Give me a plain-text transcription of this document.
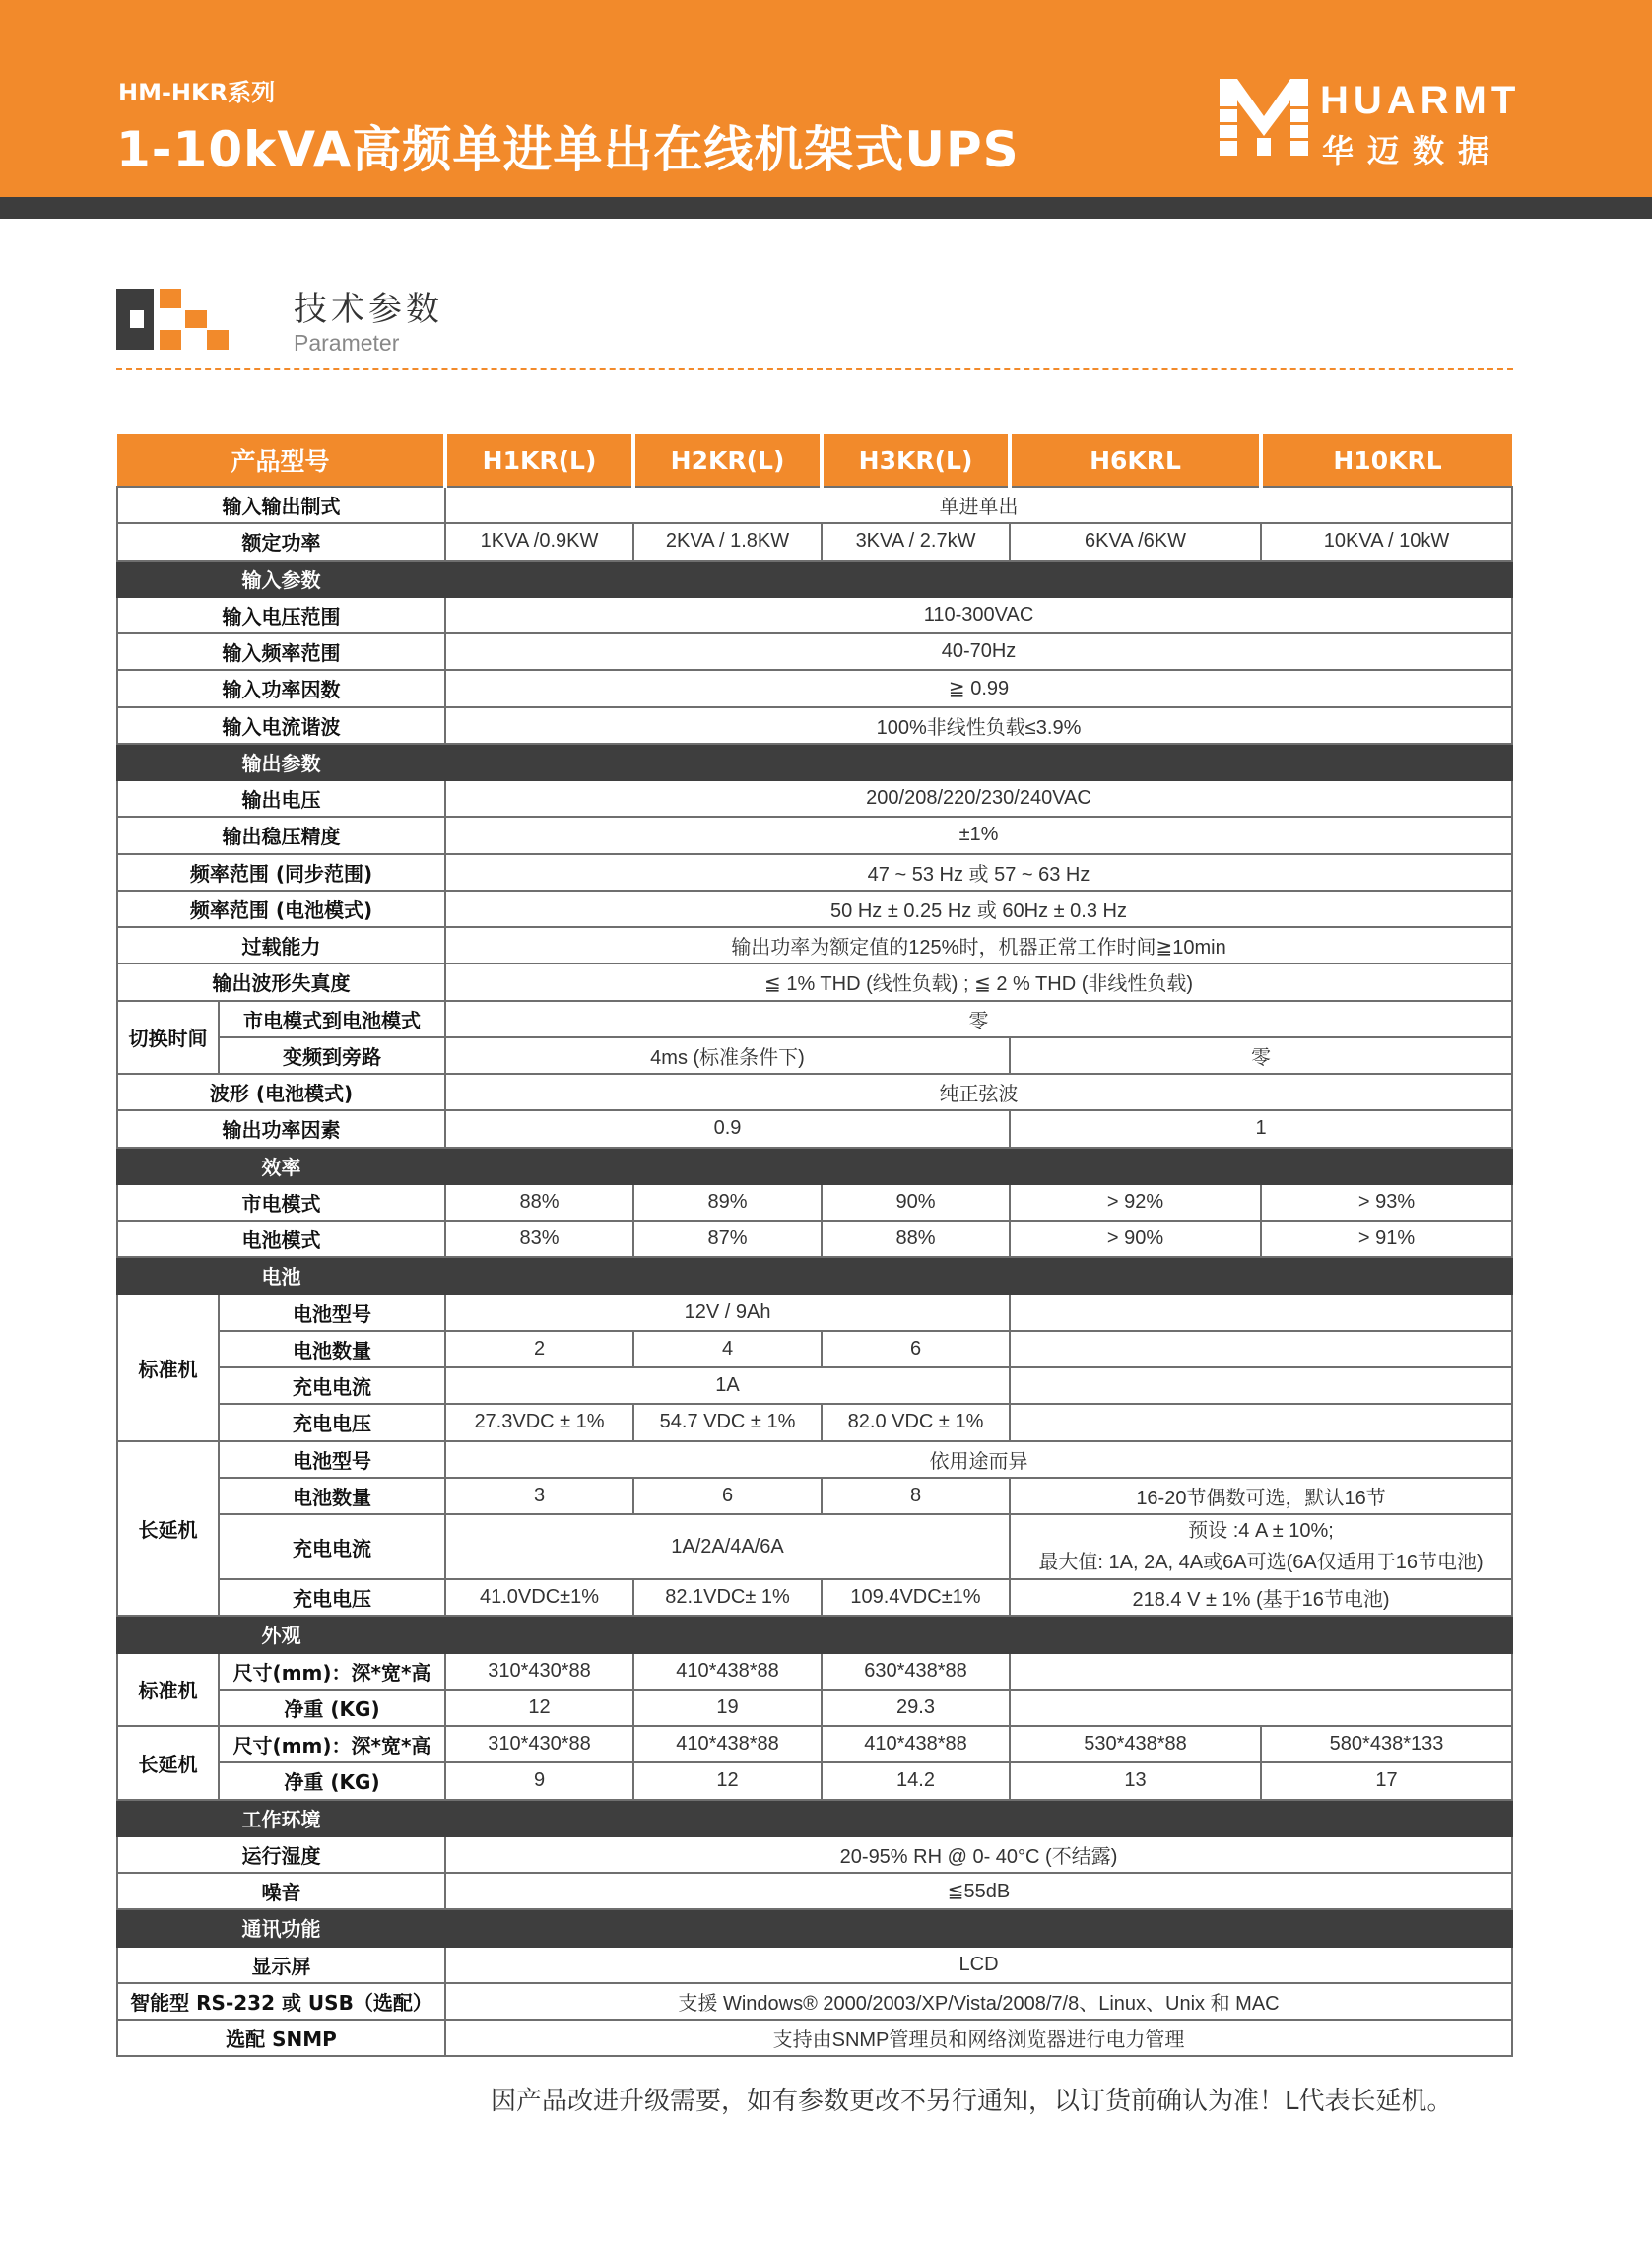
HM-HKR系列
1-10kVA高频单进单出在线机架式UPS
HUARMT
华迈数据
技术参数
Parameter
产品型号		H1KR(L)	H2KR(L)	H3KR(L)	H6KRL	H10KRL
输入输出制式		单进单出				
额定功率		1KVA /0.9KW	2KVA / 1.8KW	3KVA / 2.7kW	6KVA /6KW	10KVA / 10kW
输入参数						
输入电压范围		110-300VAC				
输入频率范围		40-70Hz				
输入功率因数		≧ 0.99				
输入电流谐波		100%非线性负载≤3.9%				
输出参数						
输出电压		200/208/220/230/240VAC				
输出稳压精度		±1%				
频率范围 (同步范围)		47 ~ 53 Hz 或 57 ~ 63 Hz				
频率范围 (电池模式)		50 Hz ± 0.25 Hz 或 60Hz ± 0.3 Hz				
过载能力		输出功率为额定值的125%时，机器正常工作时间≧10min				
输出波形失真度		≦ 1% THD (线性负载) ; ≦ 2 % THD (非线性负载)				
切换时间	市电模式到电池模式	零				
	变频到旁路	4ms (标准条件下)			零	
波形 (电池模式)		纯正弦波				
输出功率因素		0.9			1	
效率						
市电模式		88%	89%	90%	> 92%	> 93%
电池模式		83%	87%	88%	> 90%	> 91%
电池						
标准机	电池型号	12V / 9Ah				
	电池数量	2	4	6		
	充电电流	1A				
	充电电压	27.3VDC ± 1%	54.7 VDC ± 1%	82.0 VDC ± 1%		
长延机	电池型号	依用途而异				
	电池数量	3	6	8	16-20节偶数可选，默认16节	
	充电电流	1A/2A/4A/6A			预设 :4 A ± 10%;
最大值: 1A, 2A, 4A或6A可选(6A仅适用于16节电池)	

	充电电压	41.0VDC±1%	82.1VDC± 1%	109.4VDC±1%	218.4 V ± 1% (基于16节电池)	
外观						
标准机	尺寸(mm)：深*宽*高	310*430*88	410*438*88	630*438*88		
	净重 (KG)	12	19	29.3		
长延机	尺寸(mm)：深*宽*高	310*430*88	410*438*88	410*438*88	530*438*88	580*438*133
	净重 (KG)	9	12	14.2	13	17
工作环境						
运行湿度		20-95% RH @ 0- 40°C (不结露)				
噪音		≦55dB				
通讯功能						
显示屏		LCD				
智能型 RS-232 或 USB（选配）		支援 Windows® 2000/2003/XP/Vista/2008/7/8、Linux、Unix 和 MAC				
选配 SNMP		支持由SNMP管理员和网络浏览器进行电力管理				
因产品改进升级需要，如有参数更改不另行通知，以订货前确认为准！L代表长延机。
